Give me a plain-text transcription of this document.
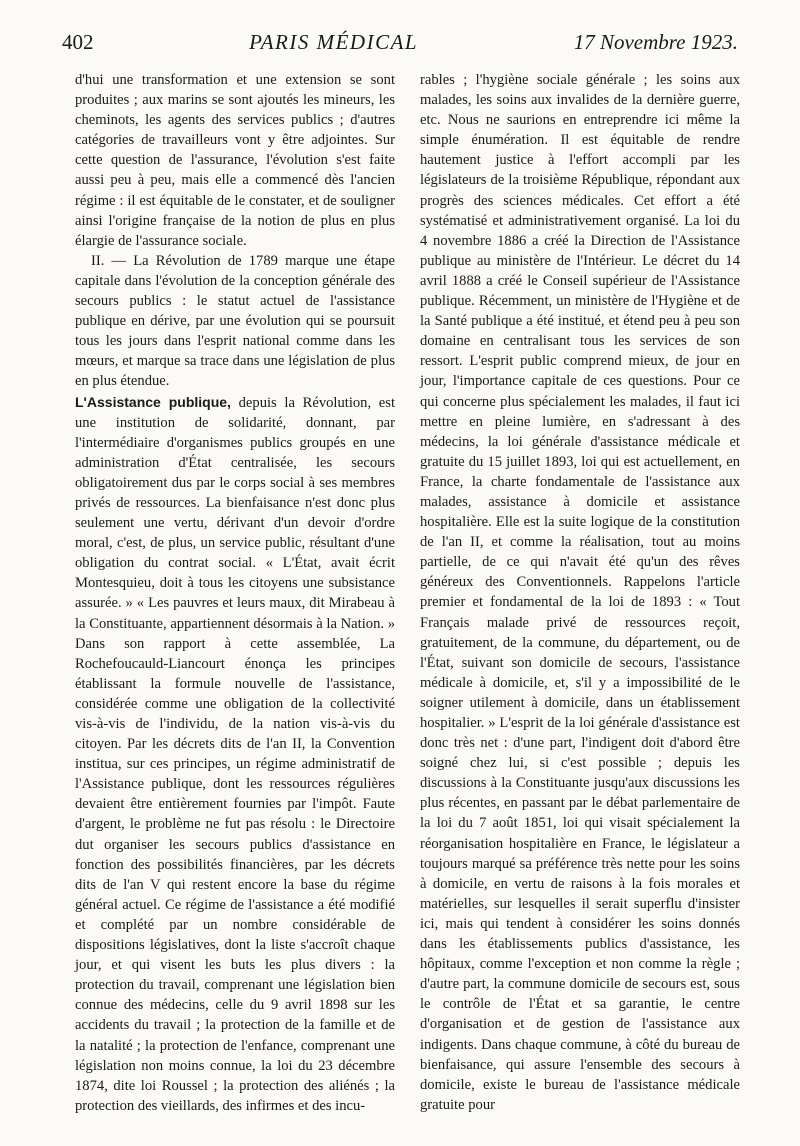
402	PARIS MÉDICAL	17 Novembre 1923.

d'hui une transformation et une extension se sont produites ; aux marins se sont ajoutés les mineurs, les cheminots, les agents des services publics ; d'autres catégories de travailleurs vont y être adjointes. Sur cette question de l'assurance, l'évolution s'est faite aussi peu à peu, mais elle a commencé dès l'ancien régime : il est équitable de le constater, et de souligner ainsi l'origine française de la notion de plus en plus élargie de l'assurance sociale.

II. — La Révolution de 1789 marque une étape capitale dans l'évolution de la conception générale des secours publics : le statut actuel de l'assistance publique en dérive, par une évolution qui se poursuit tous les jours dans l'esprit national comme dans les mœurs, et marque sa trace dans une législation de plus en plus étendue.

L'Assistance publique, depuis la Révolution, est une institution de solidarité, donnant, par l'intermédiaire d'organismes publics groupés en une administration d'État centralisée, les secours obligatoirement dus par le corps social à ses membres privés de ressources. La bienfaisance n'est donc plus seulement une vertu, dérivant d'un devoir d'ordre moral, c'est, de plus, un service public, résultant d'une obligation du contrat social. « L'État, avait écrit Montesquieu, doit à tous les citoyens une subsistance assurée. » « Les pauvres et leurs maux, dit Mirabeau à la Constituante, appartiennent désormais à la Nation. » Dans son rapport à cette assemblée, La Rochefoucauld-Liancourt énonça les principes établissant la formule nouvelle de l'assistance, considérée comme une obligation de la collectivité vis-à-vis de l'individu, de la nation vis-à-vis du citoyen. Par les décrets dits de l'an II, la Convention institua, sur ces principes, un régime administratif de l'Assistance publique, dont les ressources régulières devaient être entièrement fournies par l'impôt. Faute d'argent, le problème ne fut pas résolu : le Directoire dut organiser les secours publics d'assistance en fonction des possibilités financières, par les décrets dits de l'an V qui restent encore la base du régime général actuel. Ce régime de l'assistance a été modifié et complété par un nombre considérable de dispositions législatives, dont la liste s'accroît chaque jour, et qui visent les buts les plus divers : la protection du travail, comprenant une législation bien connue des médecins, celle du 9 avril 1898 sur les accidents du travail ; la protection de la famille et de la natalité ; la protection de l'enfance, comprenant une législation non moins connue, la loi du 23 décembre 1874, dite loi Roussel ; la protection des aliénés ; la protection des vieillards, des infirmes et des incu-

rables ; l'hygiène sociale générale ; les soins aux malades, les soins aux invalides de la dernière guerre, etc. Nous ne saurions en entreprendre ici même la simple énumération. Il est équitable de rendre hautement justice à l'effort accompli par les législateurs de la troisième République, répondant aux progrès des sciences médicales. Cet effort a été systématisé et administrativement organisé. La loi du 4 novembre 1886 a créé la Direction de l'Assistance publique au ministère de l'Intérieur. Le décret du 14 avril 1888 a créé le Conseil supérieur de l'Assistance publique. Récemment, un ministère de l'Hygiène et de la Santé publique a été institué, et étend peu à peu son domaine en centralisant tous les services de son ressort. L'esprit public comprend mieux, de jour en jour, l'importance capitale de ces questions. Pour ce qui concerne plus spécialement les malades, il faut ici mettre en pleine lumière, en s'adressant à des médecins, la loi générale d'assistance médicale et gratuite du 15 juillet 1893, loi qui est actuellement, en France, la charte fondamentale de l'assistance aux malades, assistance à domicile et assistance hospitalière. Elle est la suite logique de la constitution de l'an II, et comme la réalisation, tout au moins partielle, de ce qui n'avait été qu'un des rêves généreux des Conventionnels. Rappelons l'article premier et fondamental de la loi de 1893 : « Tout Français malade privé de ressources reçoit, gratuitement, de la commune, du département, ou de l'État, suivant son domicile de secours, l'assistance médicale à domicile, et, s'il y a impossibilité de le soigner utilement à domicile, dans un établissement hospitalier. » L'esprit de la loi générale d'assistance est donc très net : d'une part, l'indigent doit d'abord être soigné chez lui, si c'est possible ; depuis les discussions à la Constituante jusqu'aux discussions les plus récentes, en passant par le débat parlementaire de la loi du 7 août 1851, loi qui visait spécialement la réorganisation hospitalière en France, le législateur a toujours marqué sa préférence très nette pour les soins à domicile, en vertu de raisons à la fois morales et matérielles, sur lesquelles il serait superflu d'insister ici, mais qui tendent à considérer les soins donnés dans les établissements publics d'assistance, les hôpitaux, comme l'exception et non comme la règle ; d'autre part, la commune domicile de secours est, sous le contrôle de l'État et sa garantie, le centre d'organisation et de gestion de l'assistance aux indigents. Dans chaque commune, à côté du bureau de bienfaisance, qui assure l'ensemble des secours à domicile, existe le bureau de l'assistance médicale gratuite pour
